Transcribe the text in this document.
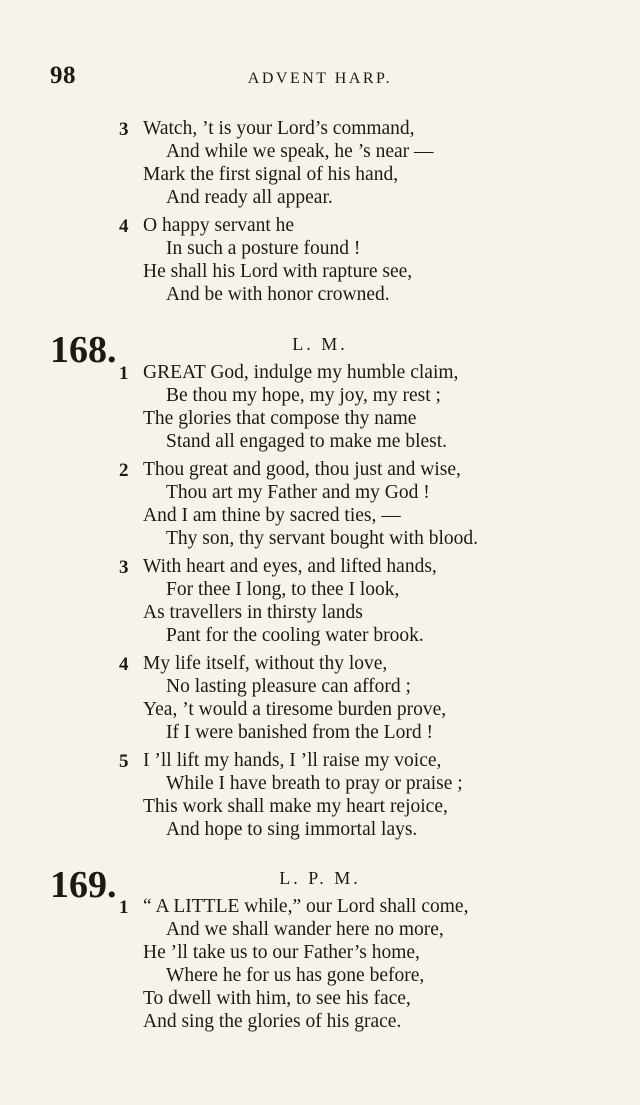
98	ADVENT HARP.
3 Watch, ’t is your Lord’s command,
And while we speak, he ’s near —
Mark the first signal of his hand,
And ready all appear.
4 O happy servant he
In such a posture found !
He shall his Lord with rapture see,
And be with honor crowned.
168.	L. M.
1 GREAT God, indulge my humble claim,
Be thou my hope, my joy, my rest ;
The glories that compose thy name
Stand all engaged to make me blest.
2 Thou great and good, thou just and wise,
Thou art my Father and my God !
And I am thine by sacred ties, —
Thy son, thy servant bought with blood.
3 With heart and eyes, and lifted hands,
For thee I long, to thee I look,
As travellers in thirsty lands
Pant for the cooling water brook.
4 My life itself, without thy love,
No lasting pleasure can afford ;
Yea, ’t would a tiresome burden prove,
If I were banished from the Lord !
5 I ’ll lift my hands, I ’ll raise my voice,
While I have breath to pray or praise ;
This work shall make my heart rejoice,
And hope to sing immortal lays.
169.	L. P. M.
1 “ A LITTLE while,” our Lord shall come,
And we shall wander here no more,
He ’ll take us to our Father’s home,
Where he for us has gone before,
To dwell with him, to see his face,
And sing the glories of his grace.
